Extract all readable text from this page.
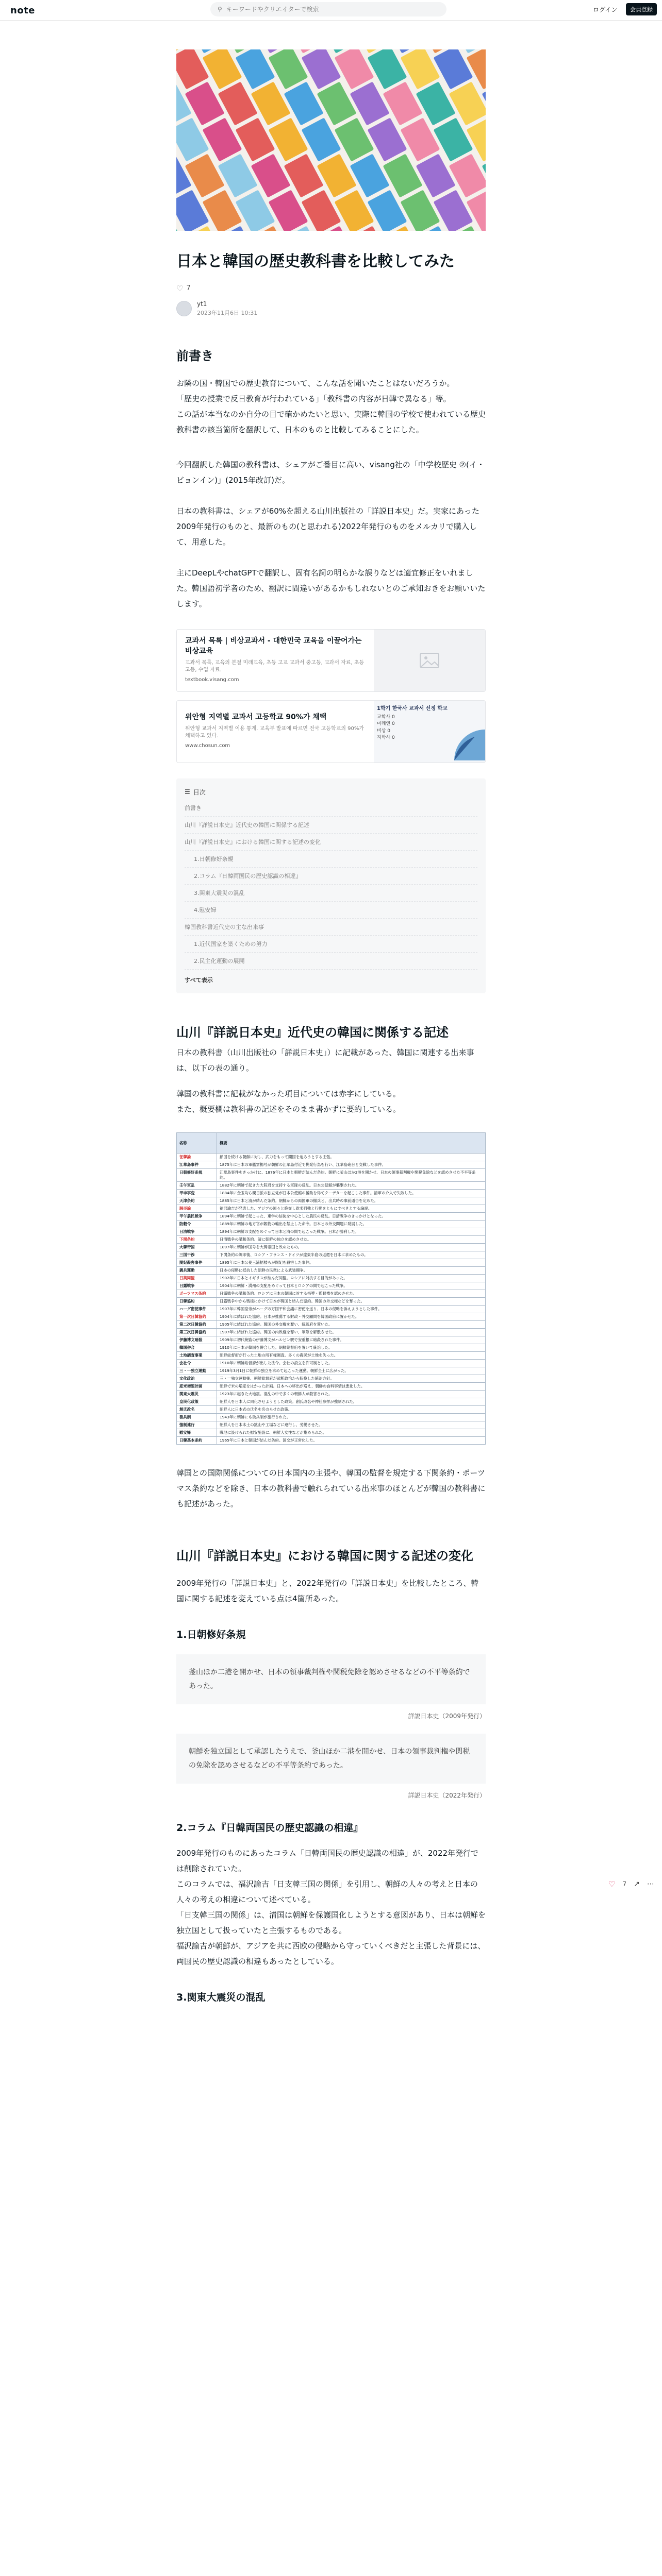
note	⚲
キーワードやクリエイターで検索	ログイン	会員登録
日本と韓国の歴史教科書を比較してみた
♡ 7
yt1
2023年11月6日 10:31
前書き

お隣の国・韓国での歴史教育について、こんな話を聞いたことはないだろうか。
「歴史の授業で反日教育が行われている」「教科書の内容が日韓で異なる」等。
この話が本当なのか自分の目で確かめたいと思い、実際に韓国の学校で使われている歴史教科書の該当箇所を翻訳して、日本のものと比較してみることにした。

今回翻訳した韓国の教科書は、シェアがご番目に高い、visang社の「中学校歴史 ②(イ・ビョンイン)」(2015年改訂)だ。

日本の教科書は、シェアが60%を超える山川出版社の「詳説日本史」だ。実家にあった2009年発行のものと、最新のもの(と思われる)2022年発行のものをメルカリで購入して、用意した。

主にDeepLやchatGPTで翻訳し、固有名詞の明らかな誤りなどは適宜修正をいれました。韓国語初学者のため、翻訳に間違いがあるかもしれないとのご承知おきをお願いいたします。

교과서 목록 | 비상교과서 - 대한민국 교육을 이끌어가는 비상교육
교과서 목록, 교육의 본질 미래교육, 초등 고교 교과서 중고등, 교과서 자료, 초등 고등, 수업 자료.
textbook.visang.com
위안형 지역별 교과서 고등학교 90%가 채택
위안형 교과서 지역별 이용 통계. 교육부 발표에 따르면 전국 고등학교의 90%가 채택하고 있다.
www.chosun.com
1학기 한국사 교과서 선정 학교
교학사 0
미래엔 0
비상 0
지학사 0
☰ 目次
前書き
山川『詳説日本史』近代史の韓国に関係する記述
山川『詳説日本史』における韓国に関する記述の変化
1.日朝修好条規
2.コラム『日韓両国民の歴史認識の相違』
3.関東大震災の混乱
4.慰安婦
韓国教科書近代史の主な出来事
1.近代国家を築くための努力
2.民主化運動の展開
すべて表示
山川『詳説日本史』近代史の韓国に関係する記述

日本の教科書（山川出版社の「詳説日本史」）に記載があった、韓国に関連する出来事は、以下の表の通り。

韓国の教科書に記載がなかった項目については赤字にしている。
また、概要欄は教科書の記述をそのまま書かずに要約している。

名称	概要
征韓論	鎖国を続ける朝鮮に対し、武力をもって開国を迫ろうとする主張。
江華島事件	1875年に日本の軍艦雲揚号が朝鮮の江華島付近で挑発行為を行い、江華島砲台と交戦した事件。
日朝修好条規	江華島事件をきっかけに、1876年に日本と朝鮮が結んだ条約。朝鮮に釜山ほか2港を開かせ、日本の領事裁判権や関税免除などを認めさせた不平等条約。
壬午軍乱	1882年に朝鮮で起きた大院君を支持する軍隊の反乱。日本公使館が襲撃された。
甲申事変	1884年に金玉均ら親日派の独立党が日本公使館の援助を得てクーデターを起こした事件。清軍の介入で失敗した。
天津条約	1885年に日本と清が結んだ条約。朝鮮からの両国軍の撤兵と、出兵時の事前通告を定めた。
脱亜論	福沢諭吉が発表した、アジアの国々と絶交し欧米列強と行動をともにすべきとする論説。
甲午農民戦争	1894年に朝鮮で起こった、東学の信徒を中心とした農民の反乱。日清戦争のきっかけとなった。
防穀令	1889年に朝鮮の地方官が穀物の輸出を禁止した命令。日本との外交問題に発展した。
日清戦争	1894年に朝鮮の支配をめぐって日本と清の間で起こった戦争。日本が勝利した。
下関条約	日清戦争の講和条約。清に朝鮮の独立を認めさせた。
大韓帝国	1897年に朝鮮が国号を大韓帝国と改めたもの。
三国干渉	下関条約の調印後、ロシア・フランス・ドイツが遼東半島の返還を日本に求めたもの。
閔妃殺害事件	1895年に日本公使三浦梧楼らが閔妃を殺害した事件。
義兵運動	日本の侵略に抵抗した朝鮮の民衆による武装闘争。
日英同盟	1902年に日本とイギリスが結んだ同盟。ロシアに対抗する目的があった。
日露戦争	1904年に朝鮮・満州の支配をめぐって日本とロシアの間で起こった戦争。
ポーツマス条約	日露戦争の講和条約。ロシアに日本の韓国に対する指導・監督権を認めさせた。
日韓協約	日露戦争中から戦後にかけて日本が韓国と結んだ協約。韓国の外交権などを奪った。
ハーグ密使事件	1907年に韓国皇帝がハーグの万国平和会議に密使を送り、日本の侵略を訴えようとした事件。
第一次日韓協約	1904年に結ばれた協約。日本が推薦する財政・外交顧問を韓国政府に置かせた。
第二次日韓協約	1905年に結ばれた協約。韓国の外交権を奪い、統監府を置いた。
第三次日韓協約	1907年に結ばれた協約。韓国の内政権を奪い、軍隊を解散させた。
伊藤博文暗殺	1909年に初代統監の伊藤博文がハルビン駅で安重根に暗殺された事件。
韓国併合	1910年に日本が韓国を併合した。朝鮮総督府を置いて統治した。
土地調査事業	朝鮮総督府が行った土地の所有権調査。多くの農民が土地を失った。
会社令	1910年に朝鮮総督府が出した法令。会社の設立を許可制とした。
三・一独立運動	1919年3月1日に朝鮮の独立を求めて起こった運動。朝鮮全土に広がった。
文化政治	三・一独立運動後、朝鮮総督府が武断政治から転換した統治方針。
産米増殖計画	朝鮮で米の増産をはかった計画。日本への移出が増え、朝鮮の食料事情は悪化した。
関東大震災	1923年に起きた大地震。混乱の中で多くの朝鮮人が殺害された。
皇民化政策	朝鮮人を日本人に同化させようとした政策。創氏改名や神社参拝が強制された。
創氏改名	朝鮮人に日本式の氏名を名のらせた政策。
徴兵制	1943年に朝鮮にも徴兵制が施行された。
強制連行	朝鮮人を日本本土の鉱山や工場などに連行し、労働させた。
慰安婦	戦地に設けられた慰安施設に、朝鮮人女性などが集められた。
日韓基本条約	1965年に日本と韓国が結んだ条約。国交が正常化した。

韓国との国際関係についての日本国内の主張や、韓国の監督を規定する下関条約・ポーツマス条約などを除き、日本の教科書で触れられている出来事のほとんどが韓国の教科書にも記述があった。

山川『詳説日本史』における韓国に関する記述の変化

2009年発行の「詳説日本史」と、2022年発行の「詳説日本史」を比較したところ、韓国に関する記述を変えている点は4箇所あった。

1.日朝修好条規
釜山ほか二港を開かせ、日本の領事裁判権や関税免除を認めさせるなどの不平等条約であった。
詳説日本史（2009年発行）
朝鮮を独立国として承認したうえで、釜山ほか二港を開かせ、日本の領事裁判権や関税の免除を認めさせるなどの不平等条約であった。
詳説日本史（2022年発行）
2.コラム『日韓両国民の歴史認識の相違』

2009年発行のものにあったコラム「日韓両国民の歴史認識の相違」が、2022年発行では削除されていた。
このコラムでは、福沢諭吉「日支韓三国の関係」を引用し、朝鮮の人々の考えと日本の人々の考えの相違について述べている。
「日支韓三国の関係」は、清国は朝鮮を保護国化しようとする意図があり、日本は朝鮮を独立国として扱っていたと主張するものである。
福沢諭吉が朝鮮が、アジアを共に西欧の侵略から守っていくべきだと主張した背景には、両国民の歴史認識の相違もあったとしている。

3.関東大震災の混乱
♡ 7 ↗ ⋯
